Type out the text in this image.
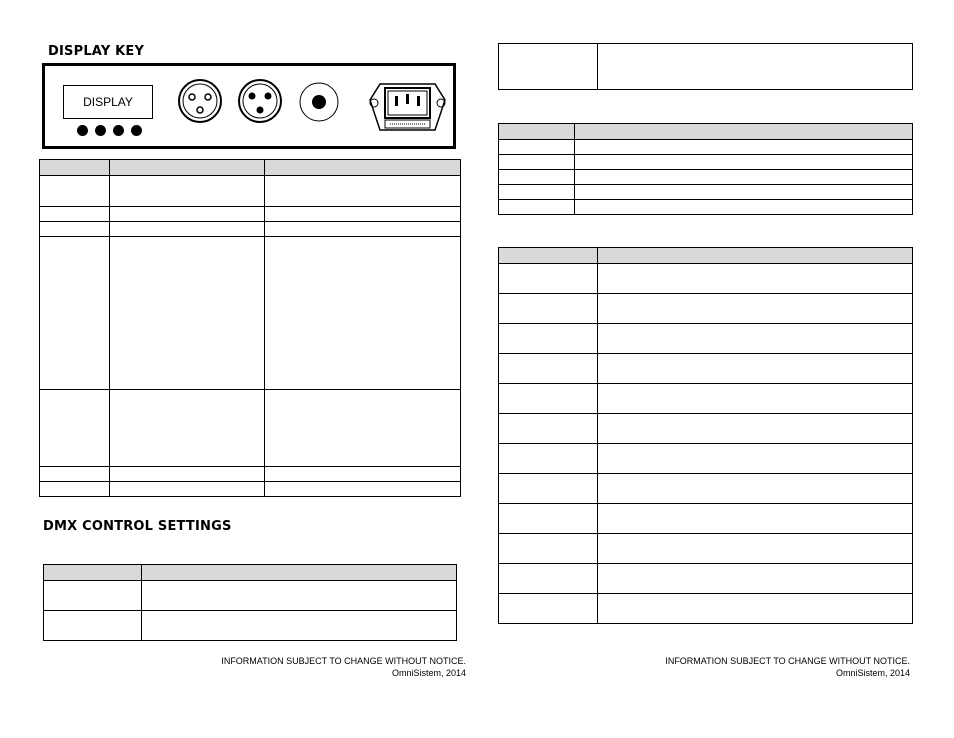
DISPLAY KEY
DISPLAY

DMX CONTROL SETTINGS

INFORMATION SUBJECT TO CHANGE WITHOUT NOTICE.
OmniSistem, 2014

INFORMATION SUBJECT TO CHANGE WITHOUT NOTICE.
OmniSistem, 2014
